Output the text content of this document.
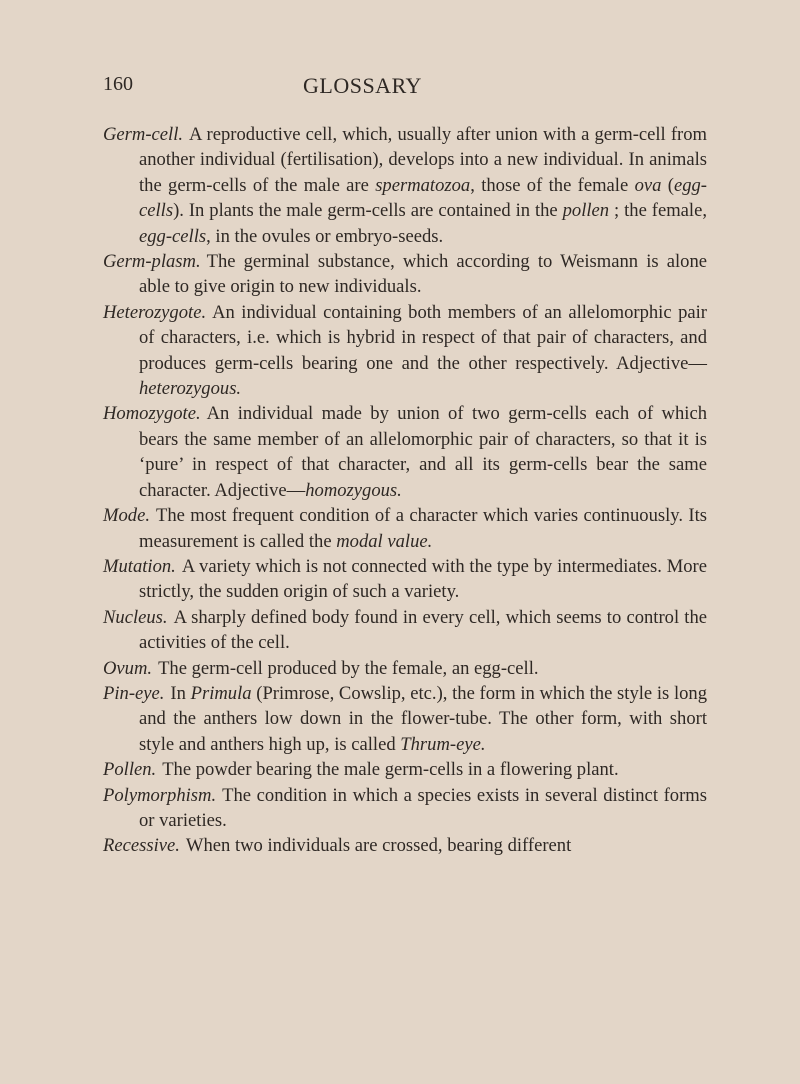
160	GLOSSARY

Germ-cell. A reproductive cell, which, usually after union with a germ-cell from another individual (fertilisation), develops into a new individual. In animals the germ-cells of the male are spermatozoa, those of the female ova (egg-cells). In plants the male germ-cells are contained in the pollen ; the female, egg-cells, in the ovules or embryo-seeds.

Germ-plasm. The germinal substance, which according to Weismann is alone able to give origin to new individuals.

Heterozygote. An individual containing both members of an allelomorphic pair of characters, i.e. which is hybrid in respect of that pair of characters, and produces germ-cells bearing one and the other respectively. Adjective—heterozygous.

Homozygote. An individual made by union of two germ-cells each of which bears the same member of an allelomorphic pair of characters, so that it is ‘pure’ in respect of that character, and all its germ-cells bear the same character. Adjective—homozygous.

Mode. The most frequent condition of a character which varies continuously. Its measurement is called the modal value.

Mutation. A variety which is not connected with the type by intermediates. More strictly, the sudden origin of such a variety.

Nucleus. A sharply defined body found in every cell, which seems to control the activities of the cell.

Ovum. The germ-cell produced by the female, an egg-cell.

Pin-eye. In Primula (Primrose, Cowslip, etc.), the form in which the style is long and the anthers low down in the flower-tube. The other form, with short style and anthers high up, is called Thrum-eye.

Pollen. The powder bearing the male germ-cells in a flowering plant.

Polymorphism. The condition in which a species exists in several distinct forms or varieties.

Recessive. When two individuals are crossed, bearing different
